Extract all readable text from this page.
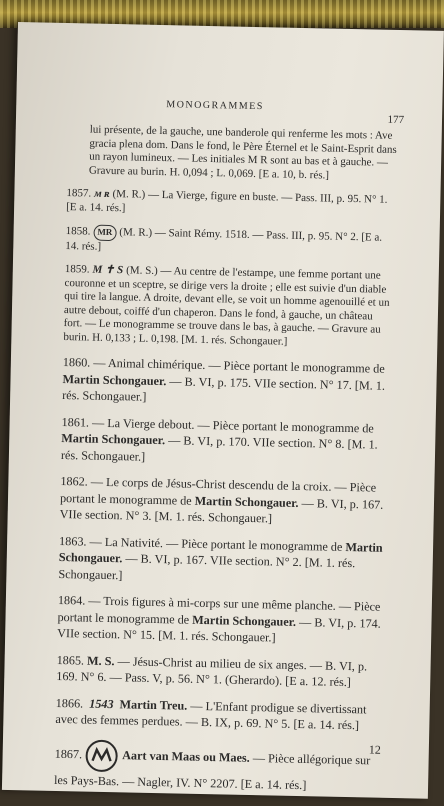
MONOGRAMMES
177

lui présente, de la gauche, une banderole qui renferme les mots : Ave gracia plena dom. Dans le fond, le Père Éternel et le Saint-Esprit dans un rayon lumineux. — Les initiales M R sont au bas et à gauche. — Gravure au burin. H. 0,094 ; L. 0,069. [E a. 10, b. rés.]

1857. ᴍ ʀ (M. R.) — La Vierge, figure en buste. — Pass. III, p. 95. N° 1. [E a. 14. rés.]

1858. MR (M. R.) — Saint Rémy. 1518. — Pass. III, p. 95. N° 2. [E a. 14. rés.]

1859. M ✝ S (M. S.) — Au centre de l'estampe, une femme portant une couronne et un sceptre, se dirige vers la droite ; elle est suivie d'un diable qui tire la langue. A droite, devant elle, se voit un homme agenouillé et un autre debout, coiffé d'un chaperon. Dans le fond, à gauche, un château fort. — Le monogramme se trouve dans le bas, à gauche. — Gravure au burin. H. 0,133 ; L. 0,198. [M. 1. rés. Schongauer.]

1860. — Animal chimérique. — Pièce portant le monogramme de Martin Schongauer. — B. VI, p. 175. VIIe section. N° 17. [M. 1. rés. Schongauer.]

1861. — La Vierge debout. — Pièce portant le monogramme de Martin Schongauer. — B. VI, p. 170. VIIe section. N° 8. [M. 1. rés. Schongauer.]

1862. — Le corps de Jésus-Christ descendu de la croix. — Pièce portant le monogramme de Martin Schongauer. — B. VI, p. 167. VIIe section. N° 3. [M. 1. rés. Schongauer.]

1863. — La Nativité. — Pièce portant le monogramme de Martin Schongauer. — B. VI, p. 167. VIIe section. N° 2. [M. 1. rés. Schongauer.]

1864. — Trois figures à mi-corps sur une même planche. — Pièce portant le monogramme de Martin Schongauer. — B. VI, p. 174. VIIe section. N° 15. [M. 1. rés. Schongauer.]

1865. M. S. — Jésus-Christ au milieu de six anges. — B. VI, p. 169. N° 6. — Pass. V, p. 56. N° 1. (Gherardo). [E a. 12. rés.]

1866. 1543 Martin Treu. — L'Enfant prodigue se divertissant avec des femmes perdues. — B. IX, p. 69. N° 5. [E a. 14. rés.]

1867.	Aart van Maas ou Maes. — Pièce allégorique sur les Pays-Bas. — Nagler, IV. N° 2207. [E a. 14. rés.]

12
